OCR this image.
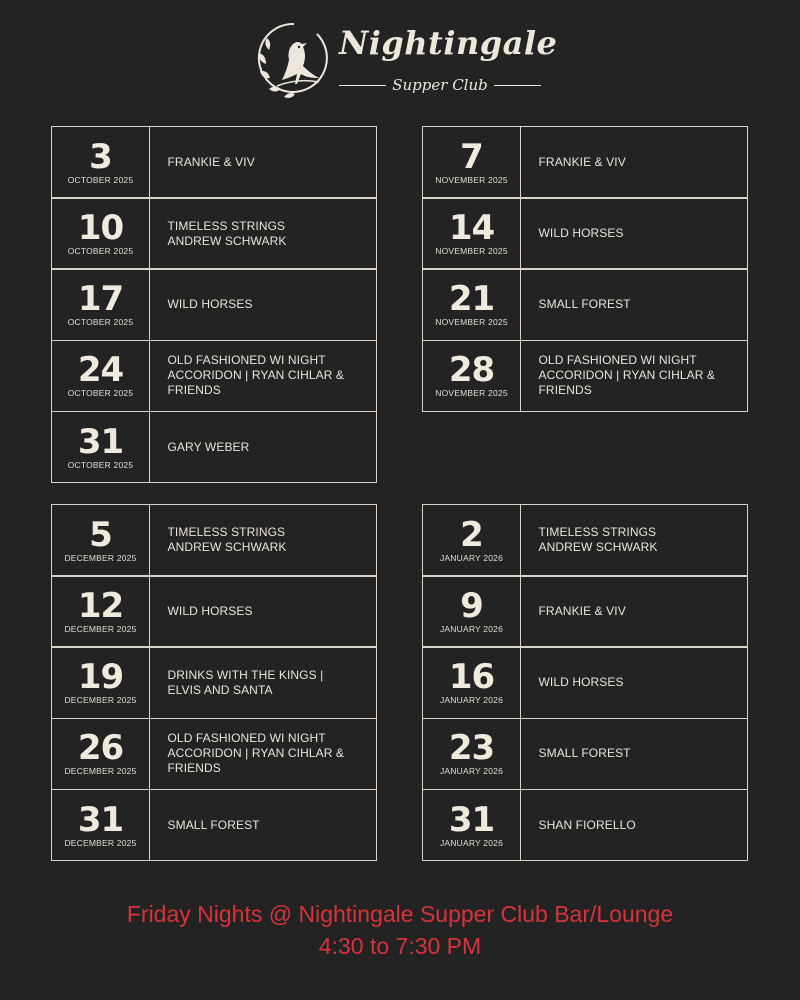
Nightingale
Supper Club
3
OCTOBER 2025
FRANKIE & VIV
10
OCTOBER 2025
TIMELESS STRINGS
ANDREW SCHWARK
17
OCTOBER 2025
WILD HORSES
24
OCTOBER 2025
OLD FASHIONED WI NIGHT
ACCORIDON | RYAN CIHLAR &
FRIENDS
31
OCTOBER 2025
GARY WEBER
7
NOVEMBER 2025
FRANKIE & VIV
14
NOVEMBER 2025
WILD HORSES
21
NOVEMBER 2025
SMALL FOREST
28
NOVEMBER 2025
OLD FASHIONED WI NIGHT
ACCORIDON | RYAN CIHLAR &
FRIENDS
5
DECEMBER 2025
TIMELESS STRINGS
ANDREW SCHWARK
12
DECEMBER 2025
WILD HORSES
19
DECEMBER 2025
DRINKS WITH THE KINGS |
ELVIS AND SANTA
26
DECEMBER 2025
OLD FASHIONED WI NIGHT
ACCORIDON | RYAN CIHLAR &
FRIENDS
31
DECEMBER 2025
SMALL FOREST
2
JANUARY 2026
TIMELESS STRINGS
ANDREW SCHWARK
9
JANUARY 2026
FRANKIE & VIV
16
JANUARY 2026
WILD HORSES
23
JANUARY 2026
SMALL FOREST
31
JANUARY 2026
SHAN FIORELLO
Friday Nights @ Nightingale Supper Club Bar/Lounge
4:30 to 7:30 PM
